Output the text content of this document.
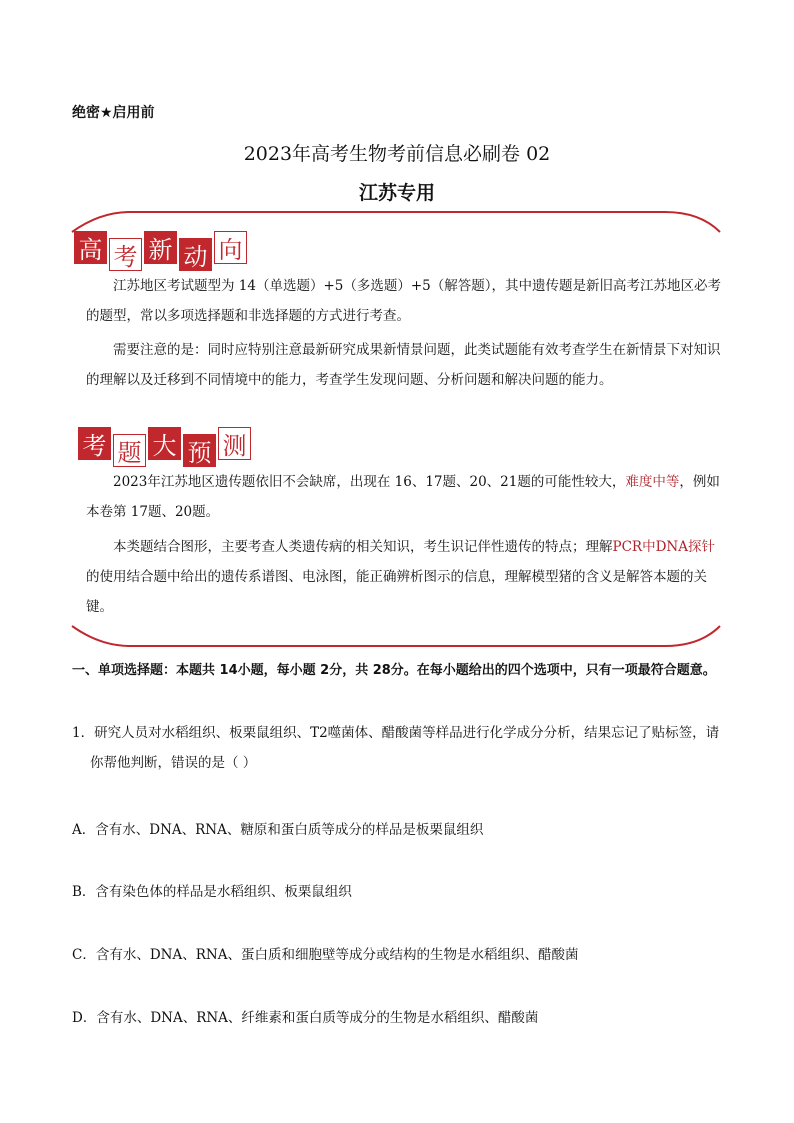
绝密★启用前
2023年高考生物考前信息必刷卷 02
江苏专用
高 考 新 动 向
江苏地区考试题型为 14（单选题）+5（多选题）+5（解答题），其中遗传题是新旧高考江苏地区必考的题型，常以多项选择题和非选择题的方式进行考查。
需要注意的是：同时应特别注意最新研究成果新情景问题，此类试题能有效考查学生在新情景下对知识的理解以及迁移到不同情境中的能力，考查学生发现问题、分析问题和解决问题的能力。
考 题 大 预 测
2023年江苏地区遗传题依旧不会缺席，出现在 16、17题、20、21题的可能性较大，难度中等，例如本卷第 17题、20题。
本类题结合图形，主要考查人类遗传病的相关知识，考生识记伴性遗传的特点；理解PCR中DNA探针的使用结合题中给出的遗传系谱图、电泳图，能正确辨析图示的信息，理解模型猪的含义是解答本题的关键。
一、单项选择题：本题共 14小题，每小题 2分，共 28分。在每小题给出的四个选项中，只有一项最符合题意。
1．研究人员对水稻组织、板栗鼠组织、T2噬菌体、醋酸菌等样品进行化学成分分析，结果忘记了贴标签，请你帮他判断，错误的是（ ）
A．含有水、DNA、RNA、糖原和蛋白质等成分的样品是板栗鼠组织
B．含有染色体的样品是水稻组织、板栗鼠组织
C．含有水、DNA、RNA、蛋白质和细胞壁等成分或结构的生物是水稻组织、醋酸菌
D．含有水、DNA、RNA、纤维素和蛋白质等成分的生物是水稻组织、醋酸菌
